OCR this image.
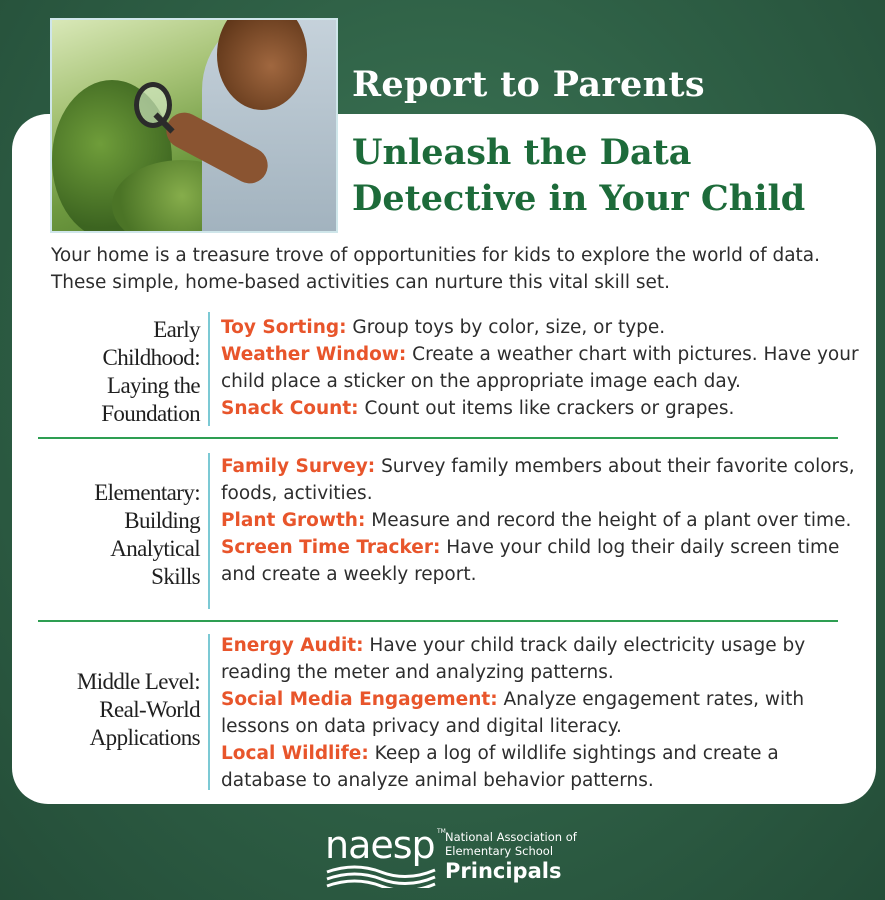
Report to Parents
Unleash the Data Detective in Your Child

Your home is a treasure trove of opportunities for kids to explore the world of data. These simple, home-based activities can nurture this vital skill set.

Early
Childhood:
Laying the
Foundation

Toy Sorting: Group toys by color, size, or type.

Weather Window: Create a weather chart with pictures. Have your child place a sticker on the appropriate image each day.

Snack Count: Count out items like crackers or grapes.

Elementary:
Building
Analytical
Skills

Family Survey: Survey family members about their favorite colors, foods, activities.

Plant Growth: Measure and record the height of a plant over time.

Screen Time Tracker: Have your child log their daily screen time and create a weekly report.

Middle Level:
Real-World
Applications

Energy Audit: Have your child track daily electricity usage by reading the meter and analyzing patterns.

Social Media Engagement: Analyze engagement rates, with lessons on data privacy and digital literacy.

Local Wildlife: Keep a log of wildlife sightings and create a database to analyze animal behavior patterns.

naesp TM National Association of
Elementary School
Principals
